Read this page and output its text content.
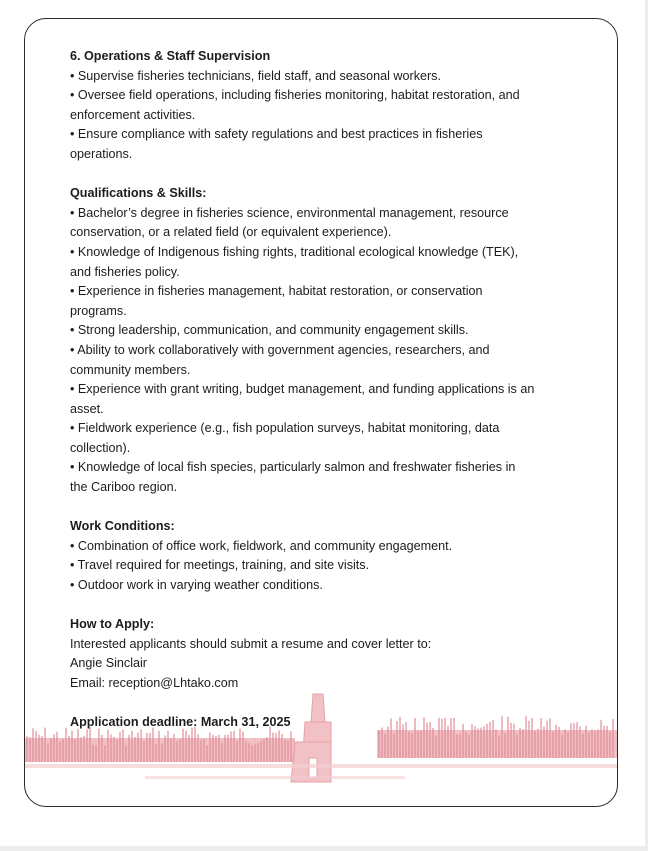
6. Operations & Staff Supervision
• Supervise fisheries technicians, field staff, and seasonal workers.
• Oversee field operations, including fisheries monitoring, habitat restoration, and
enforcement activities.
• Ensure compliance with safety regulations and best practices in fisheries
operations.
Qualifications & Skills:
• Bachelor’s degree in fisheries science, environmental management, resource
conservation, or a related field (or equivalent experience).
• Knowledge of Indigenous fishing rights, traditional ecological knowledge (TEK),
and fisheries policy.
• Experience in fisheries management, habitat restoration, or conservation
programs.
• Strong leadership, communication, and community engagement skills.
• Ability to work collaboratively with government agencies, researchers, and
community members.
• Experience with grant writing, budget management, and funding applications is an
asset.
• Fieldwork experience (e.g., fish population surveys, habitat monitoring, data
collection).
• Knowledge of local fish species, particularly salmon and freshwater fisheries in
the Cariboo region.
Work Conditions:
• Combination of office work, fieldwork, and community engagement.
• Travel required for meetings, training, and site visits.
• Outdoor work in varying weather conditions.
How to Apply:
Interested applicants should submit a resume and cover letter to:
Angie Sinclair
Email: reception@Lhtako.com
Application deadline: March 31, 2025
